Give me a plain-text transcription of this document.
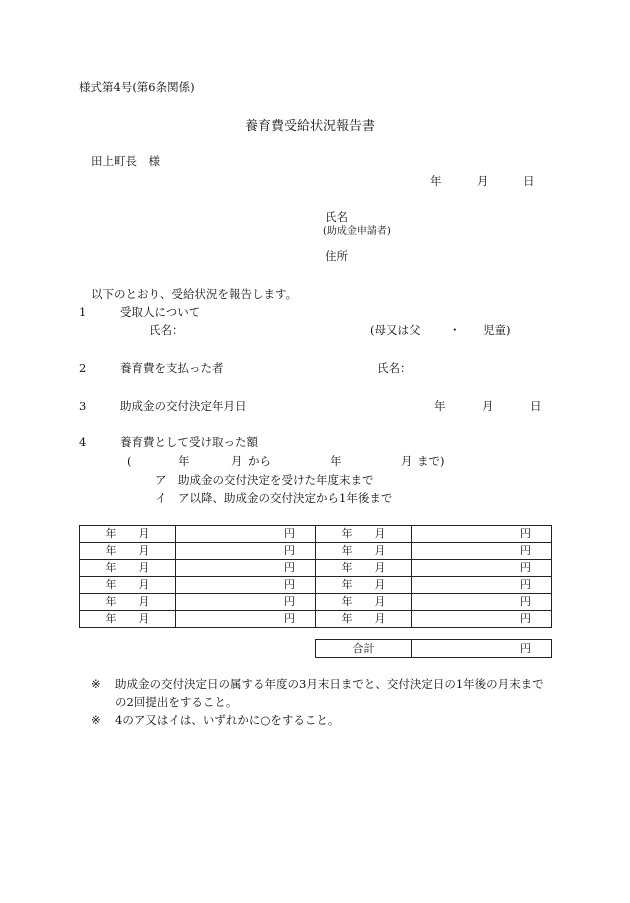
様式第4号(第6条関係)
養育費受給状況報告書
田上町長　様
年	月	日
氏名
(助成金申請者)
住所
以下のとおり、受給状況を報告します。
1	受取人について
氏名：	(母又は父 ・ 児童)
2	養育費を支払った者	氏名：
3	助成金の交付決定年月日	年	月	日
4	養育費として受け取った額
(	年	月 から	年	月 まで)
ア　助成金の交付決定を受けた年度末まで
イ　ア以降、助成金の交付決定から1年後まで
年　　月	円	年　　月	円
年　　月	円	年　　月	円
年　　月	円	年　　月	円
年　　月	円	年　　月	円
年　　月	円	年　　月	円
年　　月	円	年　　月	円
合計	円
※ 助成金の交付決定日の属する年度の3月末日までと、交付決定日の1年後の月末まで
の2回提出をすること。
※ 4のア又はイは、いずれかに○をすること。
